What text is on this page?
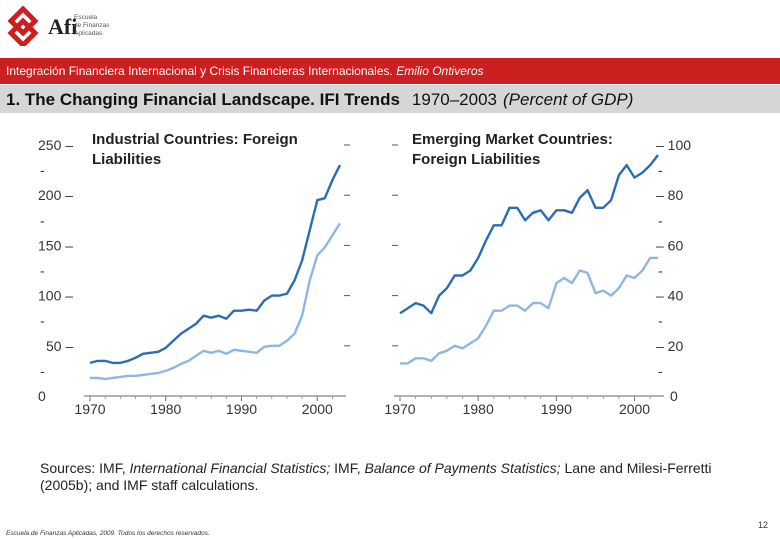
Afi
Escuela
de Finanzas
Aplicadas
Integración Financiera Internacional y Crisis Financieras Internacionales. Emilio Ontiveros
1. The Changing Financial Landscape. IFI Trends 1970–2003 (Percent of GDP)
0
-
50 –
-
100 –
-
150 –
-
200 –
-
250 –
1970	1980	1990	2000
Industrial Countries: Foreign Liabilities
0
-
– 20
-
– 40
-
– 60
-
– 80
-
– 100
1970	1980	1990	2000
Emerging Market Countries: Foreign Liabilities
Sources: IMF, International Financial Statistics; IMF, Balance of Payments Statistics; Lane and Milesi-Ferretti (2005b); and IMF staff calculations.
Escuela de Finanzas Aplicadas, 2009. Todos los derechos reservados.
12
